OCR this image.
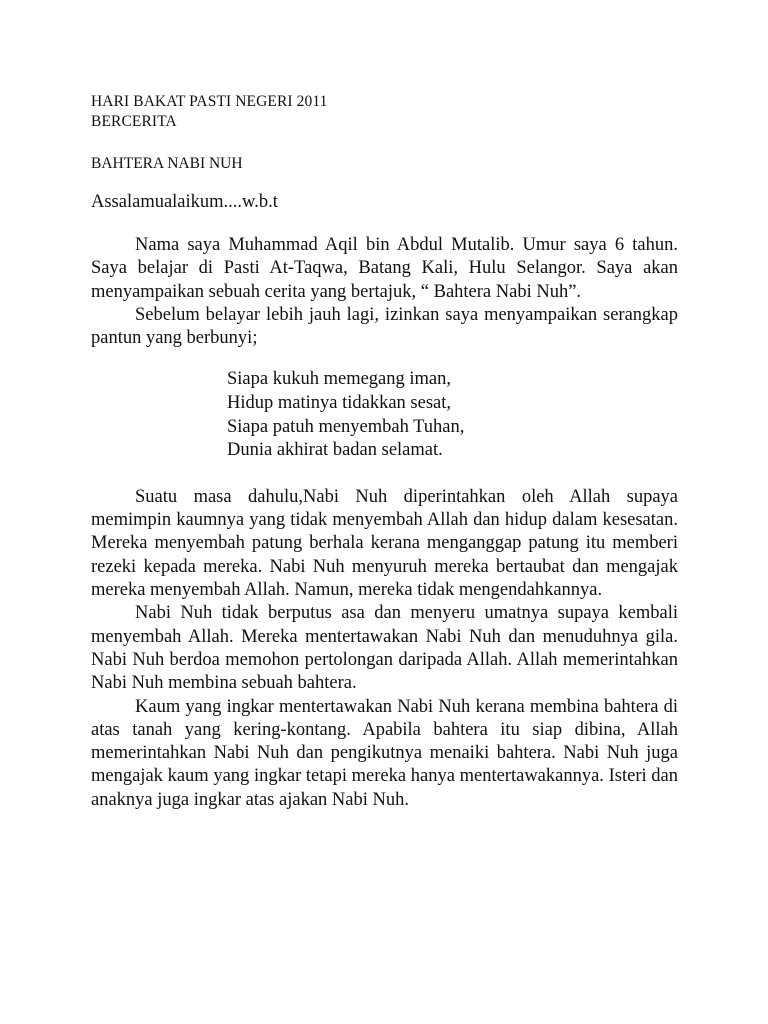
HARI BAKAT PASTI NEGERI 2011
BERCERITA
BAHTERA NABI NUH
Assalamualaikum....w.b.t

Nama saya Muhammad Aqil bin Abdul Mutalib. Umur saya 6 tahun. Saya belajar di Pasti At-Taqwa, Batang Kali, Hulu Selangor. Saya akan menyampaikan sebuah cerita yang bertajuk, “ Bahtera Nabi Nuh”.

Sebelum belayar lebih jauh lagi, izinkan saya menyampaikan serangkap pantun yang berbunyi;

Siapa kukuh memegang iman,
Hidup matinya tidakkan sesat,
Siapa patuh menyembah Tuhan,
Dunia akhirat badan selamat.

Suatu masa dahulu,Nabi Nuh diperintahkan oleh Allah supaya memimpin kaumnya yang tidak menyembah Allah dan hidup dalam kesesatan. Mereka menyembah patung berhala kerana menganggap patung itu memberi rezeki kepada mereka. Nabi Nuh menyuruh mereka bertaubat dan mengajak mereka menyembah Allah. Namun, mereka tidak mengendahkannya.

Nabi Nuh tidak berputus asa dan menyeru umatnya supaya kembali menyembah Allah. Mereka mentertawakan Nabi Nuh dan menuduhnya gila. Nabi Nuh berdoa memohon pertolongan daripada Allah. Allah memerintahkan Nabi Nuh membina sebuah bahtera.

Kaum yang ingkar mentertawakan Nabi Nuh kerana membina bahtera di atas tanah yang kering-kontang. Apabila bahtera itu siap dibina, Allah memerintahkan Nabi Nuh dan pengikutnya menaiki bahtera. Nabi Nuh juga mengajak kaum yang ingkar tetapi mereka hanya mentertawakannya. Isteri dan anaknya juga ingkar atas ajakan Nabi Nuh.
